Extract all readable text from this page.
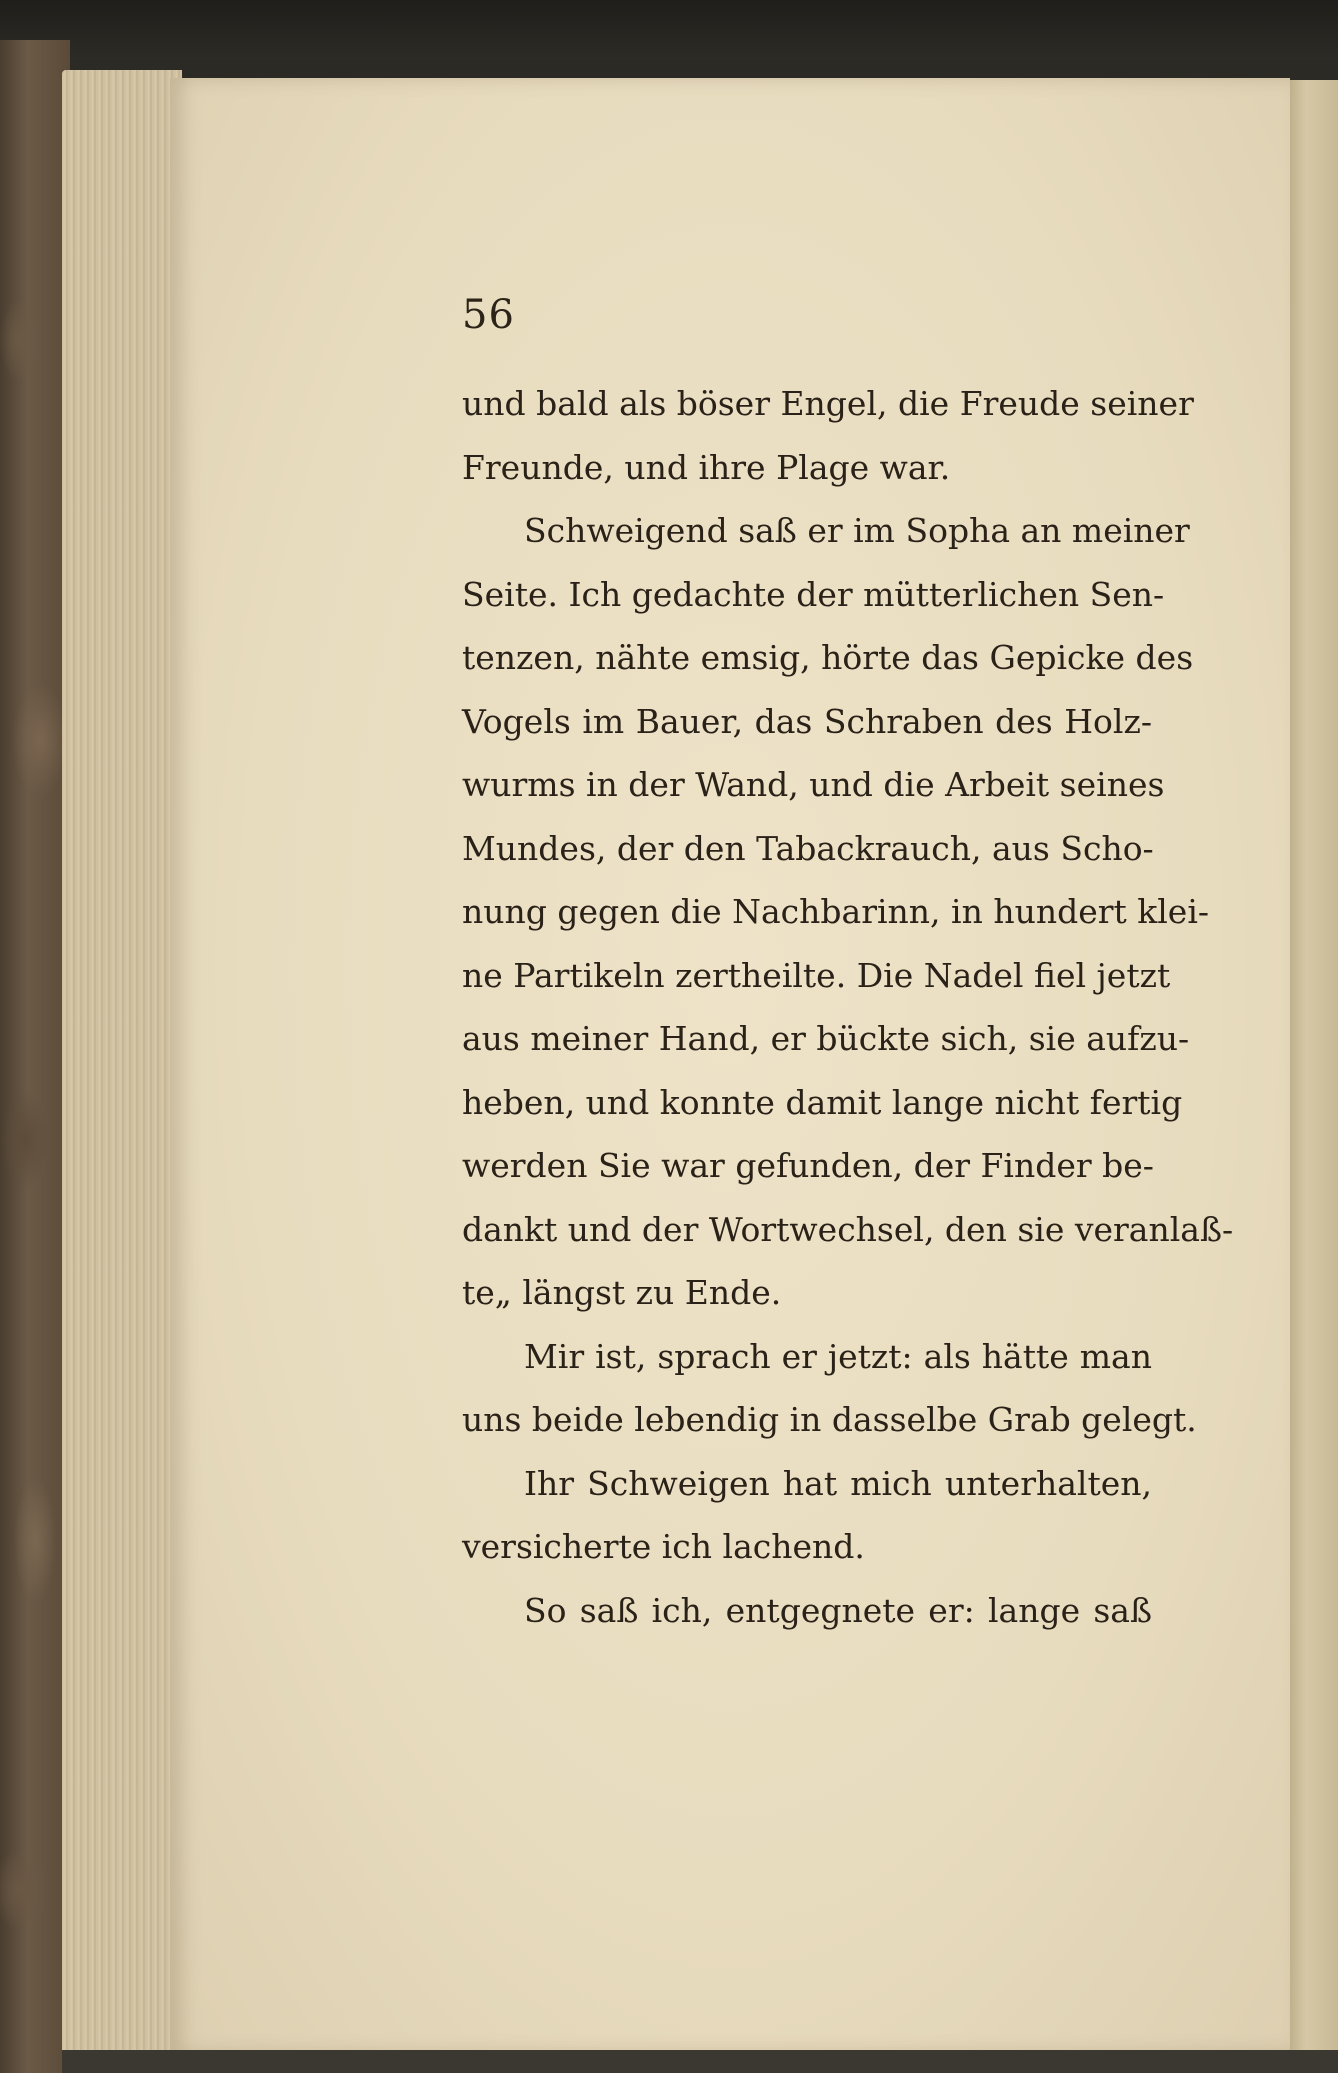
56
und bald als böser Engel, die Freude seiner
Freunde, und ihre Plage war.
Schweigend saß er im Sopha an meiner
Seite. Ich gedachte der mütterlichen Sen-
tenzen, nähte emsig, hörte das Gepicke des
Vogels im Bauer, das Schraben des Holz-
wurms in der Wand, und die Arbeit seines
Mundes, der den Tabackrauch, aus Scho-
nung gegen die Nachbarinn, in hundert klei-
ne Partikeln zertheilte. Die Nadel fiel jetzt
aus meiner Hand, er bückte sich, sie aufzu-
heben, und konnte damit lange nicht fertig
werden Sie war gefunden, der Finder be-
dankt und der Wortwechsel, den sie veranlaß-
te„ längst zu Ende.
Mir ist, sprach er jetzt: als hätte man
uns beide lebendig in dasselbe Grab gelegt.
Ihr Schweigen hat mich unterhalten,
versicherte ich lachend.
So saß ich, entgegnete er: lange saß
